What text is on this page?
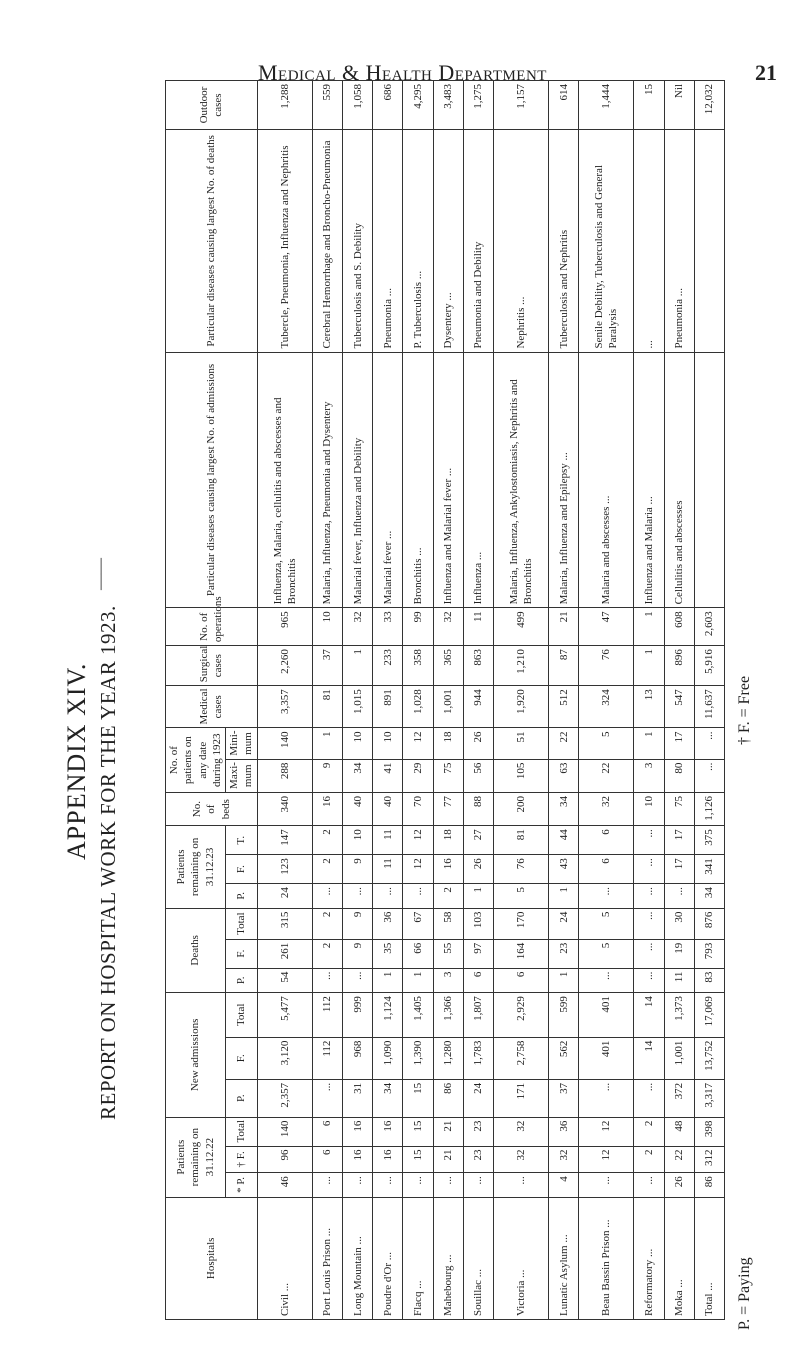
Medical & Health Department	21
APPENDIX XIV.
——
REPORT ON HOSPITAL WORK FOR THE YEAR 1923.
Hospitals	Patients remaining on 31.12.22			New admissions			Deaths			Patients remaining on 31.12.23			No. of beds	No. of patients on any date during 1923		Medical cases	Surgical cases	No. of operations	Particular diseases causing largest No. of admissions	Particular diseases causing largest No. of deaths	Outdoor cases
	* P.	† F.	Total	P.	F.	Total	P.	F.	Total	P.	F.	T.		Maxi-mum	Mini-mum						
Civil ...	46	96	140	2,357	3,120	5,477	54	261	315	24	123	147	340	288	140	3,357	2,260	965	Influenza, Malaria, cellulitis and abscesses and Bronchitis	Tubercle, Pneumonia, Influenza and Nephritis	1,288
Port Louis Prison ...	...	6	6	...	112	112	...	2	2	...	2	2	16	9	1	81	37	10	Malaria, Influenza, Pneumonia and Dysentery	Cerebral Hemorrhage and Broncho-Pneumonia	559
Long Mountain ...	...	16	16	31	968	999	...	9	9	...	9	10	40	34	10	1,015	1	32	Malarial fever, Influenza and Debility	Tuberculosis and S. Debility	1,058
Poudre d'Or ...	...	16	16	34	1,090	1,124	1	35	36	...	11	11	40	41	10	891	233	33	Malarial fever ...	Pneumonia ...	686
Flacq ...	...	15	15	15	1,390	1,405	1	66	67	...	12	12	70	29	12	1,028	358	99	Bronchitis ...	P. Tuberculosis ...	4,295
Mahebourg ...	...	21	21	86	1,280	1,366	3	55	58	2	16	18	77	75	18	1,001	365	32	Influenza and Malarial fever ...	Dysentery ...	3,483
Souillac ...	...	23	23	24	1,783	1,807	6	97	103	1	26	27	88	56	26	944	863	11	Influenza ...	Pneumonia and Debility	1,275
Victoria ...	...	32	32	171	2,758	2,929	6	164	170	5	76	81	200	105	51	1,920	1,210	499	Malaria, Influenza, Ankylostomiasis, Nephritis and Bronchitis	Nephritis ...	1,157
Lunatic Asylum ...	4	32	36	37	562	599	1	23	24	1	43	44	34	63	22	512	87	21	Malaria, Influenza and Epilepsy ...	Tuberculosis and Nephritis	614
Beau Bassin Prison ...	...	12	12	...	401	401	...	5	5	...	6	6	32	22	5	324	76	47	Malaria and abscesses ...	Senile Debility, Tuberculosis and General Paralysis	1,444
Reformatory ...	...	2	2	...	14	14	...	...	...	...	...	...	10	3	1	13	1	1	Influenza and Malaria ...	...	15
Moka ...	26	22	48	372	1,001	1,373	11	19	30	...	17	17	75	80	17	547	896	608	Cellulitis and abscesses	Pneumonia ...	Nil
Total ...	86	312	398	3,317	13,752	17,069	83	793	876	34	341	375	1,126	...	...	11,637	5,916	2,603			12,032
P. = Paying
† F. = Free
